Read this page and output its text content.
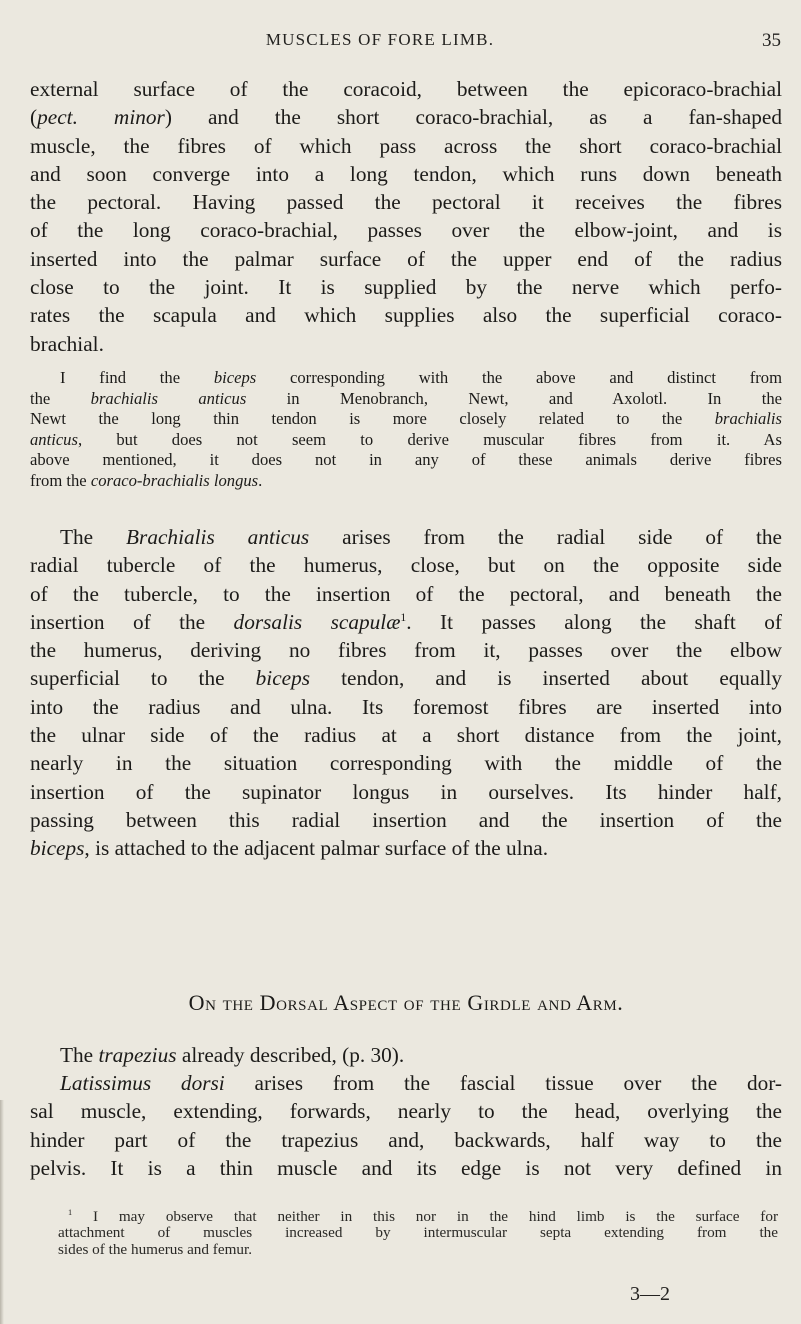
MUSCLES OF FORE LIMB.	35
external surface of the coracoid, between the epicoraco-brachial
(pect. minor) and the short coraco-brachial, as a fan-shaped
muscle, the fibres of which pass across the short coraco-brachial
and soon converge into a long tendon, which runs down beneath
the pectoral. Having passed the pectoral it receives the fibres
of the long coraco-brachial, passes over the elbow-joint, and is
inserted into the palmar surface of the upper end of the radius
close to the joint. It is supplied by the nerve which perfo-
rates the scapula and which supplies also the superficial coraco-
brachial.
I find the biceps corresponding with the above and distinct from
the brachialis anticus in Menobranch, Newt, and Axolotl. In the
Newt the long thin tendon is more closely related to the brachialis
anticus, but does not seem to derive muscular fibres from it. As
above mentioned, it does not in any of these animals derive fibres
from the coraco-brachialis longus.
The Brachialis anticus arises from the radial side of the
radial tubercle of the humerus, close, but on the opposite side
of the tubercle, to the insertion of the pectoral, and beneath the
insertion of the dorsalis scapulæ$^1$. It passes along the shaft of
the humerus, deriving no fibres from it, passes over the elbow
superficial to the biceps tendon, and is inserted about equally
into the radius and ulna. Its foremost fibres are inserted into
the ulnar side of the radius at a short distance from the joint,
nearly in the situation corresponding with the middle of the
insertion of the supinator longus in ourselves. Its hinder half,
passing between this radial insertion and the insertion of the
biceps, is attached to the adjacent palmar surface of the ulna.
On the Dorsal Aspect of the Girdle and Arm.
The trapezius already described, (p. 30).
Latissimus dorsi arises from the fascial tissue over the dor-
sal muscle, extending, forwards, nearly to the head, overlying the
hinder part of the trapezius and, backwards, half way to the
pelvis. It is a thin muscle and its edge is not very defined in
$^1$ I may observe that neither in this nor in the hind limb is the surface for
attachment of muscles increased by intermuscular septa extending from the
sides of the humerus and femur.
3—2
